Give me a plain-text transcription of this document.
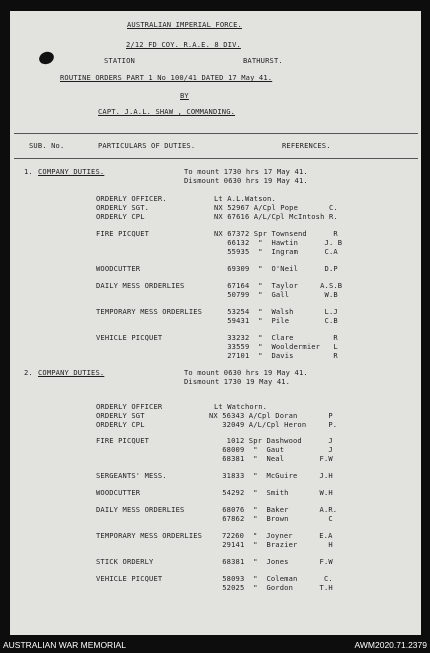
AUSTRALIAN IMPERIAL FORCE.
2/12 FD COY. R.A.E. 8 DIV.
STATION	BATHURST.
ROUTINE ORDERS PART 1 No 100/41 DATED 17 May 41.
BY
CAPT. J.A.L. SHAW , COMMANDING.
SUB. No.	PARTICULARS OF DUTIES.	REFERENCES.
1. COMPANY DUTIES.	To mount 1730 hrs 17 May 41.
Dismount 0630 hrs 19 May 41.
ORDERLY OFFICER.	Lt A.L.Watson.
ORDERLY SGT.	NX 52967 A/Cpl Pope       C.
ORDERLY CPL	NX 67616 A/L/Cpl McIntosh R.
FIRE PICQUET	NX 67372 Spr Townsend      R
66132  "  Hawtin      J. B
55935  "  Ingram      C.A
WOODCUTTER	69309  "  O'Neil      D.P
DAILY MESS ORDERLIES	67164  "  Taylor     A.S.B
50799  "  Gall        W.B
TEMPORARY MESS ORDERLIES 53254  "  Walsh       L.J
59431  "  Pile        C.B
VEHICLE PICQUET	33232  "  Clare         R
33559  "  Wooldermier   L
27101  "  Davis         R
2. COMPANY DUTIES.	To mount 0630 hrs 19 May 41.
Dismount 1730 19 May 41.
ORDERLY OFFICER	Lt Watchorn.
ORDERLY SGT	NX 56343 A/Cpl Doran       P
ORDERLY CPL	32049 A/L/Cpl Heron     P.
FIRE PICQUET	1012 Spr Dashwood      J
68009  "  Gaut          J
68381  "  Neal        F.W
SERGEANTS' MESS.	31833  "  McGuire     J.H
WOODCUTTER	54292  "  Smith       W.H
DAILY MESS ORDERLIES	68076  "  Baker       A.R.
67862  "  Brown         C
TEMPORARY MESS ORDERLIES	72260  "  Joyner      E.A
29141  "  Brazier       H
STICK ORDERLY	68381  "  Jones       F.W
VEHICLE PICQUET	58093  "  Coleman      C.
52025  "  Gordon      T.H
AUSTRALIAN WAR MEMORIAL	AWM2020.71.2379
